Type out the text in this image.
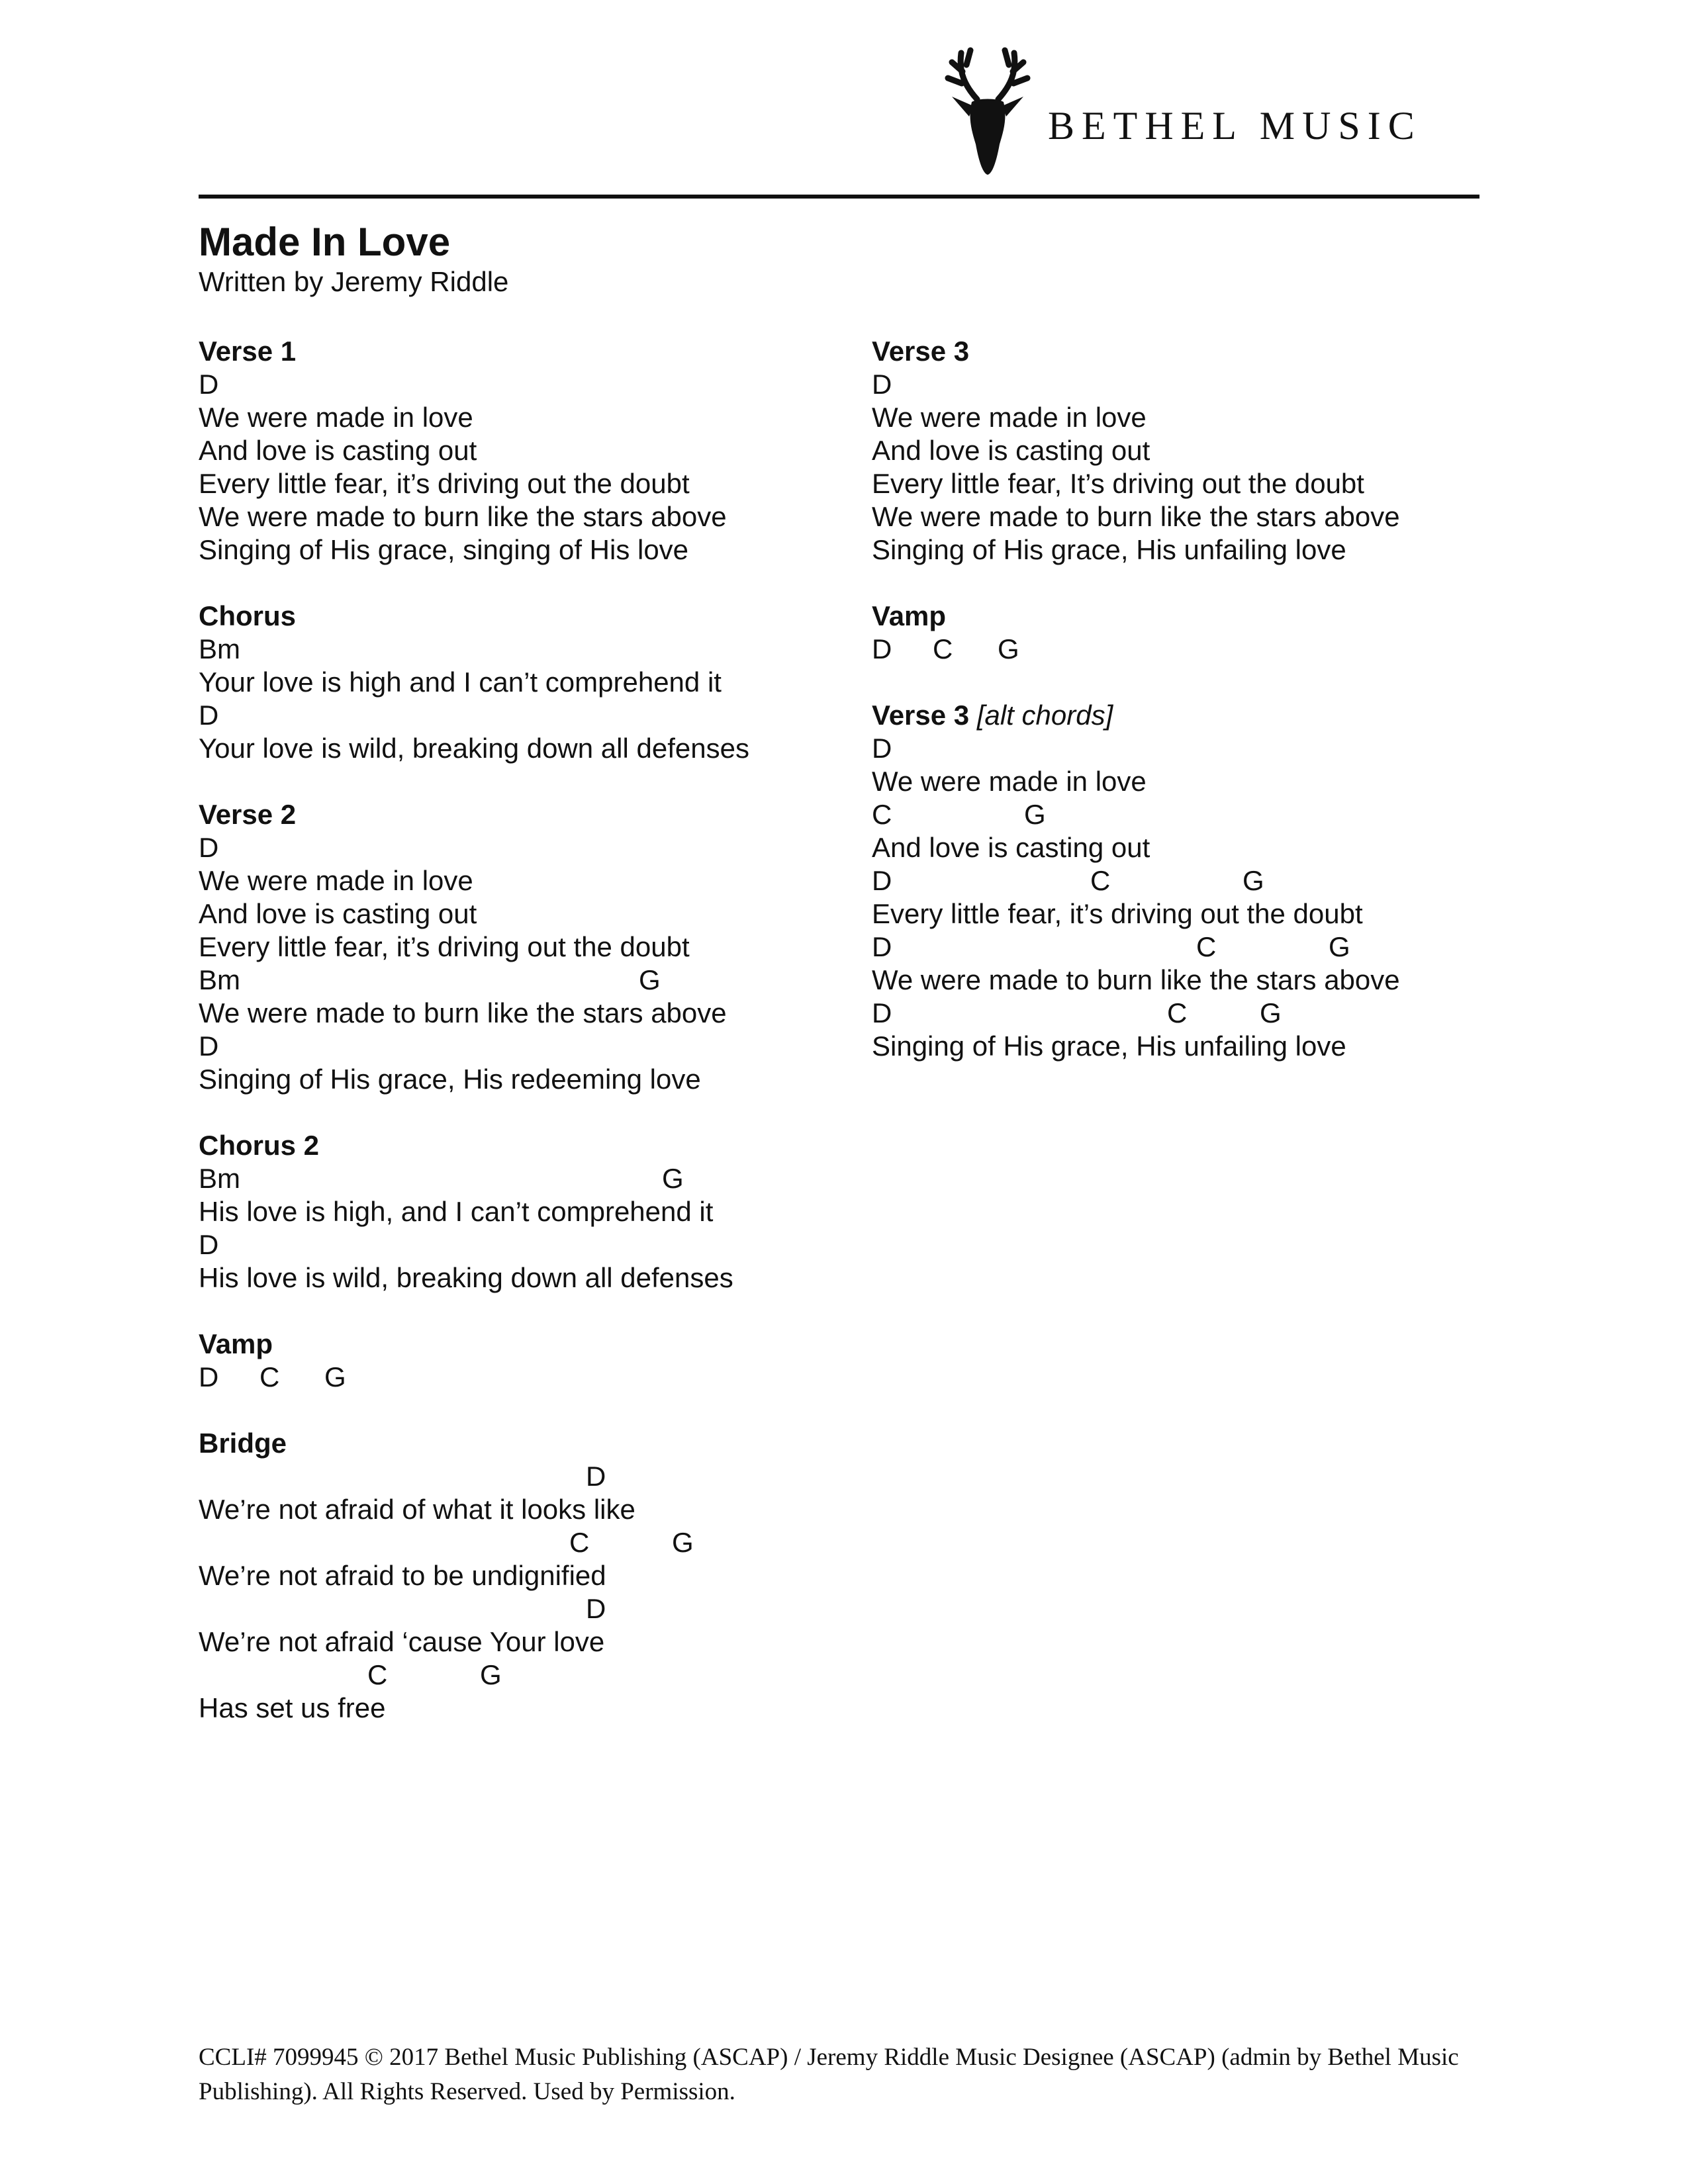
BETHEL MUSIC
Made In Love

Written by Jeremy Riddle

Verse 1
D
We were made in love
And love is casting out
Every little fear, it’s driving out the doubt
We were made to burn like the stars above
Singing of His grace, singing of His love
Chorus
Bm
Your love is high and I can’t comprehend it
D
Your love is wild, breaking down all defenses
Verse 2
D
We were made in love
And love is casting out
Every little fear, it’s driving out the doubt
Bm	G
We were made to burn like the stars above
D
Singing of His grace, His redeeming love
Chorus 2
Bm	G
His love is high, and I can’t comprehend it
D
His love is wild, breaking down all defenses
Vamp
D C G
Bridge
D
We’re not afraid of what it looks like
C	G
We’re not afraid to be undignified
D
We’re not afraid ‘cause Your love
C	G
Has set us free
Verse 3
D
We were made in love
And love is casting out
Every little fear, It’s driving out the doubt
We were made to burn like the stars above
Singing of His grace, His unfailing love
Vamp
D C G
Verse 3 [alt chords]
D
We were made in love
C	G
And love is casting out
D	C	G
Every little fear, it’s driving out the doubt
D	C	G
We were made to burn like the stars above
D	C	G
Singing of His grace, His unfailing love

CCLI# 7099945 © 2017 Bethel Music Publishing (ASCAP) / Jeremy Riddle Music Designee (ASCAP) (admin by Bethel Music Publishing). All Rights Reserved. Used by Permission.
